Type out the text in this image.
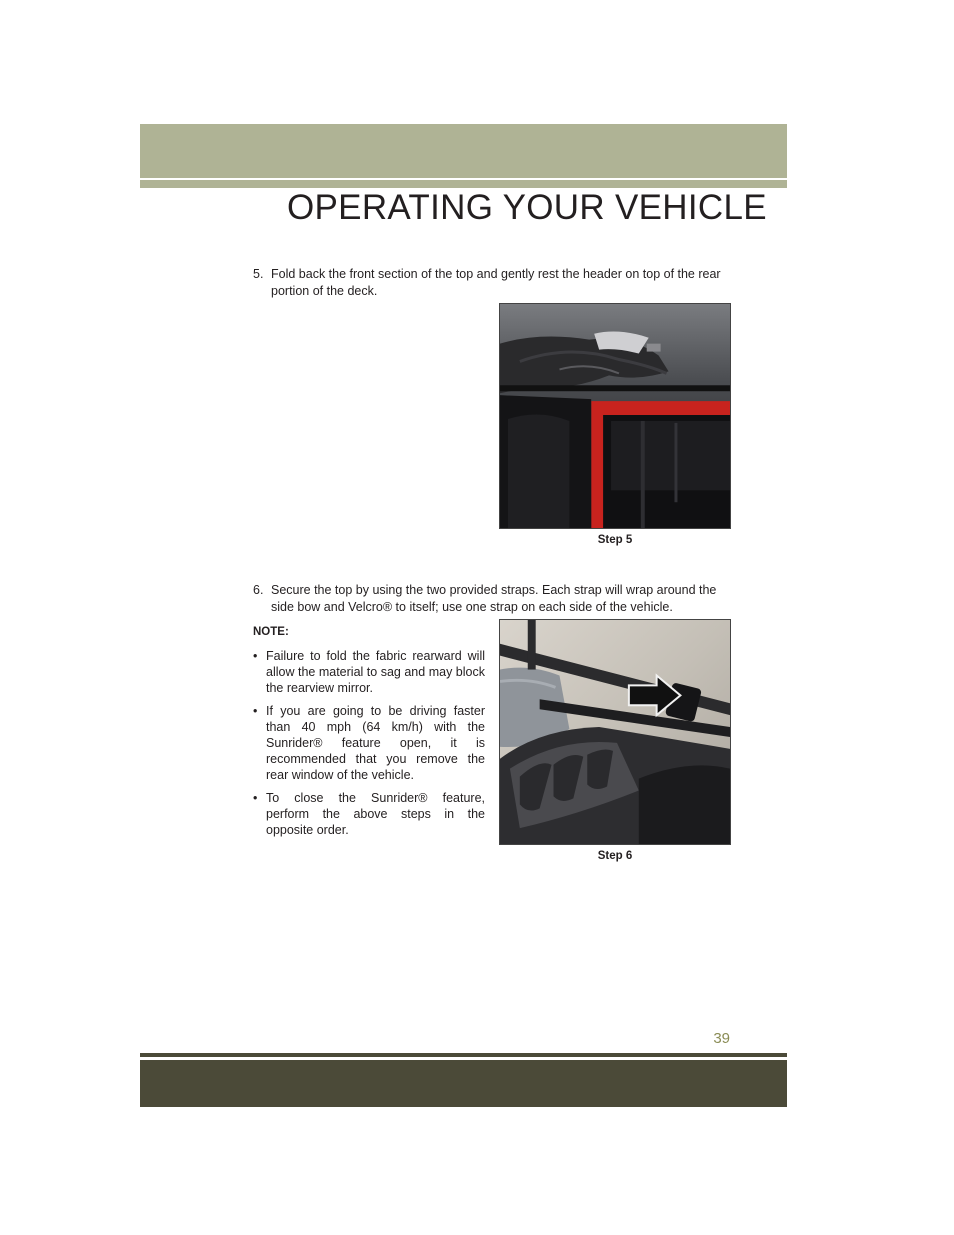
OPERATING YOUR VEHICLE
5. Fold back the front section of the top and gently rest the header on top of the rear portion of the deck.
Step 5
6. Secure the top by using the two provided straps. Each strap will wrap around the side bow and Velcro® to itself; use one strap on each side of the vehicle.
NOTE:
• Failure to fold the fabric rearward will allow the material to sag and may block the rearview mirror.
• If you are going to be driving faster than 40 mph (64 km/h) with the Sunrider® feature open, it is recommended that you remove the rear window of the vehicle.
• To close the Sunrider® feature, perform the above steps in the opposite order.
Step 6
39
